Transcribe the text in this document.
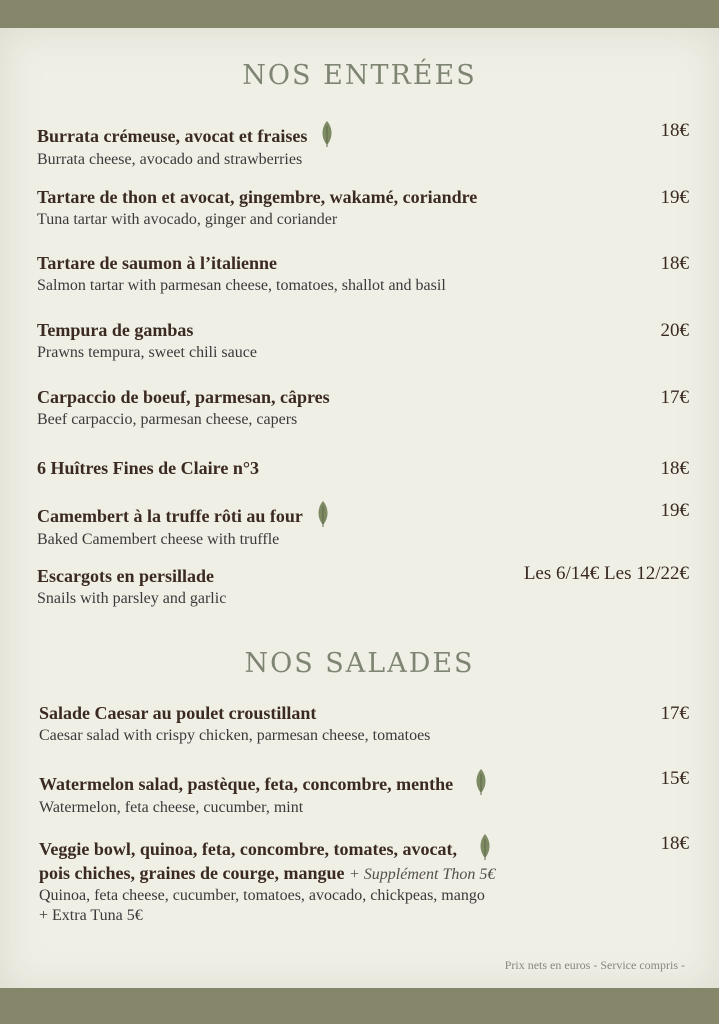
NOS ENTRÉES
Burrata crémeuse, avocat et fraises
Burrata cheese, avocado and strawberries
18€
Tartare de thon et avocat, gingembre, wakamé, coriandre
Tuna tartar with avocado, ginger and coriander
19€
Tartare de saumon à l’italienne
Salmon tartar with parmesan cheese, tomatoes, shallot and basil
18€
Tempura de gambas
Prawns tempura, sweet chili sauce
20€
Carpaccio de boeuf, parmesan, câpres
Beef carpaccio, parmesan cheese, capers
17€
6 Huîtres Fines de Claire n°3	18€
Camembert à la truffe rôti au four
Baked Camembert cheese with truffle
19€
Escargots en persillade
Snails with parsley and garlic
Les 6/14€ Les 12/22€
NOS SALADES
Salade Caesar au poulet croustillant
Caesar salad with crispy chicken, parmesan cheese, tomatoes
17€
Watermelon salad, pastèque, feta, concombre, menthe
Watermelon, feta cheese, cucumber, mint
15€
Veggie bowl, quinoa, feta, concombre, tomates, avocat,
pois chiches, graines de courge, mangue + Supplément Thon 5€
Quinoa, feta cheese, cucumber, tomatoes, avocado, chickpeas, mango
+ Extra Tuna 5€
18€
Prix nets en euros - Service compris -
